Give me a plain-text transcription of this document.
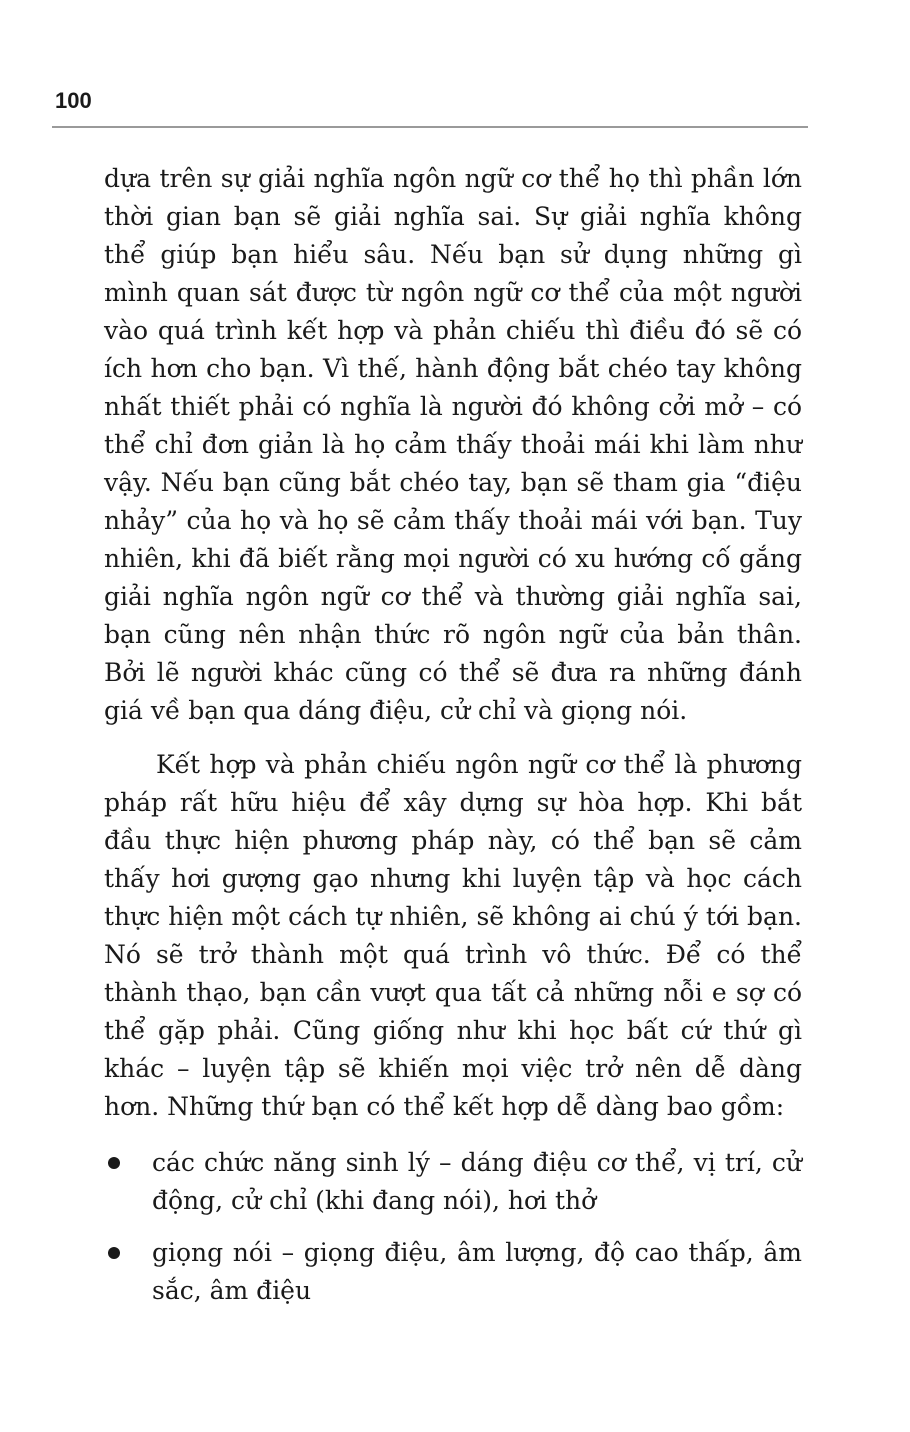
100

dựa trên sự giải nghĩa ngôn ngữ cơ thể họ thì phần lớn thời gian bạn sẽ giải nghĩa sai. Sự giải nghĩa không thể giúp bạn hiểu sâu. Nếu bạn sử dụng những gì mình quan sát được từ ngôn ngữ cơ thể của một người vào quá trình kết hợp và phản chiếu thì điều đó sẽ có ích hơn cho bạn. Vì thế, hành động bắt chéo tay không nhất thiết phải có nghĩa là người đó không cởi mở – có thể chỉ đơn giản là họ cảm thấy thoải mái khi làm như vậy. Nếu bạn cũng bắt chéo tay, bạn sẽ tham gia “điệu nhảy” của họ và họ sẽ cảm thấy thoải mái với bạn. Tuy nhiên, khi đã biết rằng mọi người có xu hướng cố gắng giải nghĩa ngôn ngữ cơ thể và thường giải nghĩa sai, bạn cũng nên nhận thức rõ ngôn ngữ của bản thân. Bởi lẽ người khác cũng có thể sẽ đưa ra những đánh giá về bạn qua dáng điệu, cử chỉ và giọng nói.

Kết hợp và phản chiếu ngôn ngữ cơ thể là phương pháp rất hữu hiệu để xây dựng sự hòa hợp. Khi bắt đầu thực hiện phương pháp này, có thể bạn sẽ cảm thấy hơi gượng gạo nhưng khi luyện tập và học cách thực hiện một cách tự nhiên, sẽ không ai chú ý tới bạn. Nó sẽ trở thành một quá trình vô thức. Để có thể thành thạo, bạn cần vượt qua tất cả những nỗi e sợ có thể gặp phải. Cũng giống như khi học bất cứ thứ gì khác – luyện tập sẽ khiến mọi việc trở nên dễ dàng hơn. Những thứ bạn có thể kết hợp dễ dàng bao gồm:

các chức năng sinh lý – dáng điệu cơ thể, vị trí, cử động, cử chỉ (khi đang nói), hơi thở
giọng nói – giọng điệu, âm lượng, độ cao thấp, âm sắc, âm điệu
